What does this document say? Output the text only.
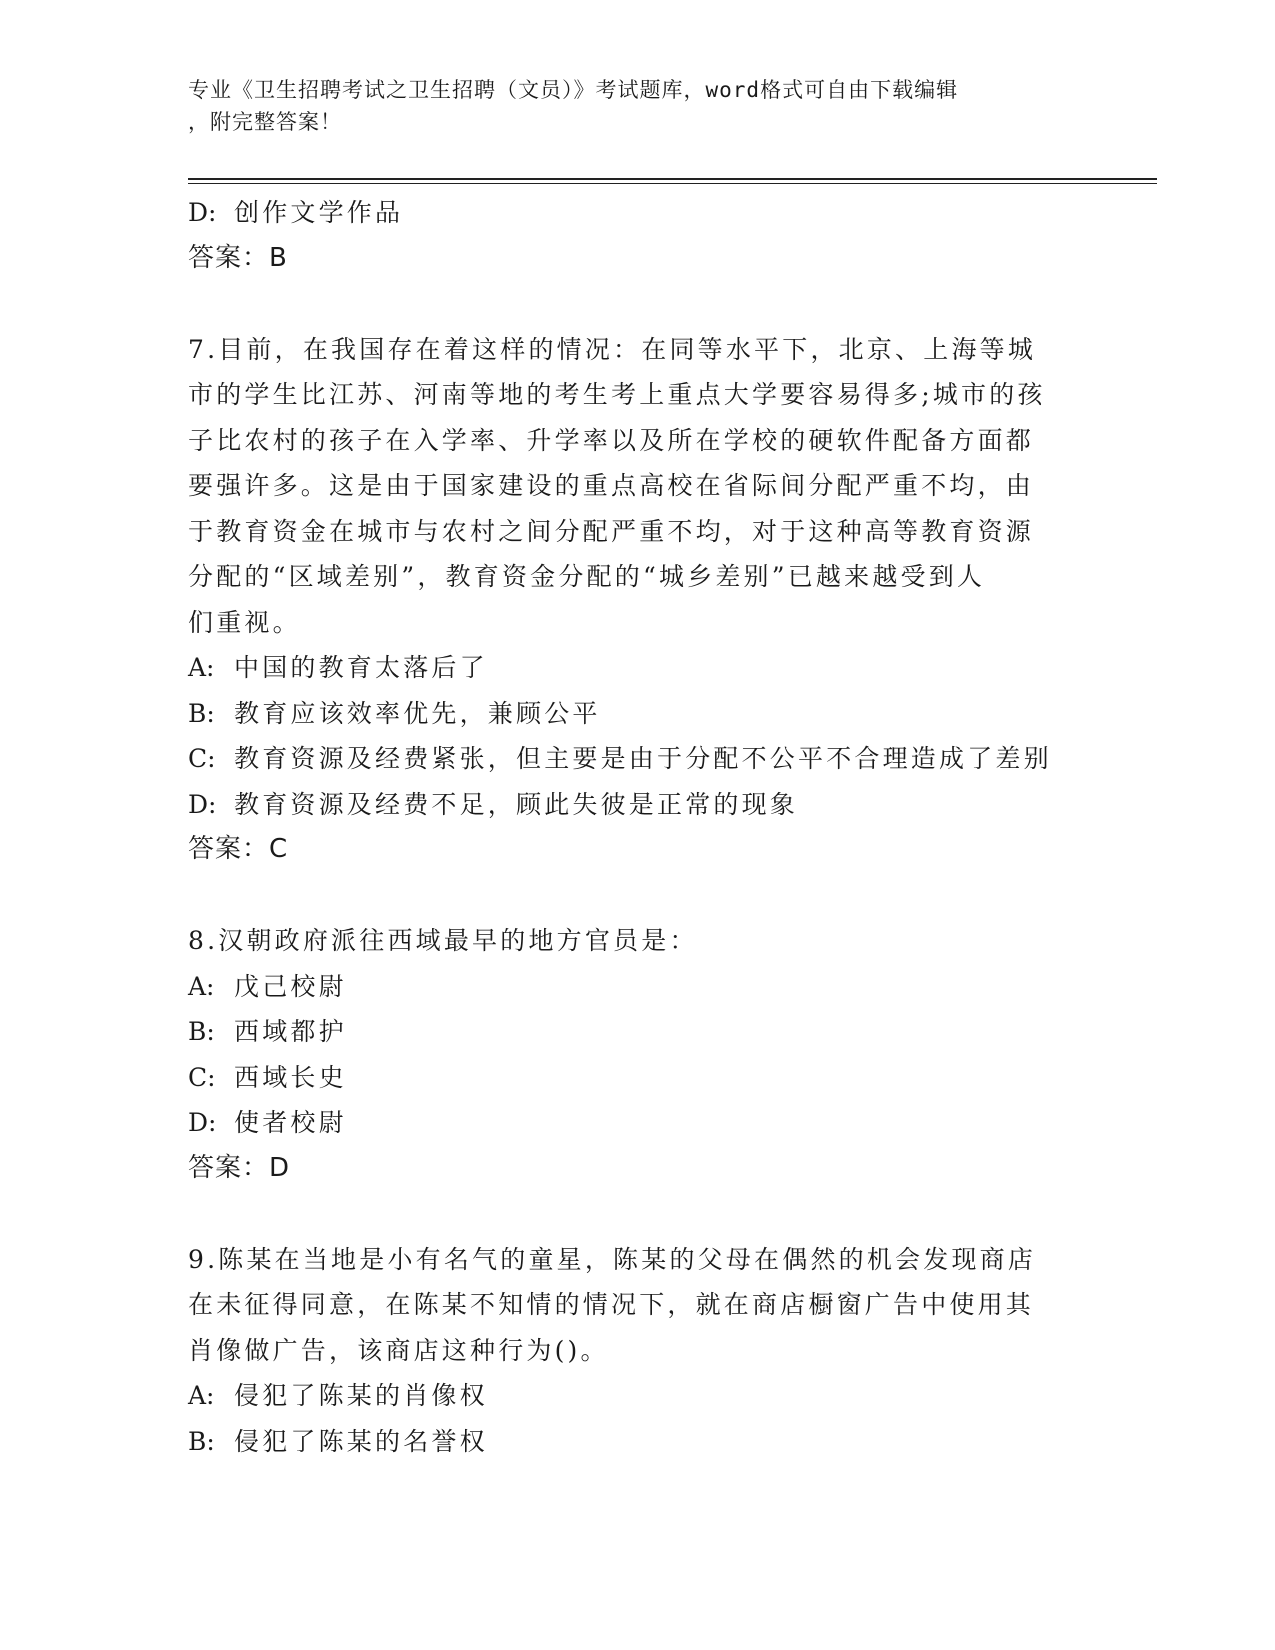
专业《卫生招聘考试之卫生招聘（文员）》考试题库，word格式可自由下载编辑
，附完整答案！
D: 创作文学作品
答案：B
7.目前，在我国存在着这样的情况：在同等水平下，北京、上海等城
市的学生比江苏、河南等地的考生考上重点大学要容易得多;城市的孩
子比农村的孩子在入学率、升学率以及所在学校的硬软件配备方面都
要强许多。这是由于国家建设的重点高校在省际间分配严重不均，由
于教育资金在城市与农村之间分配严重不均，对于这种高等教育资源
分配的“区域差别”，教育资金分配的“城乡差别”已越来越受到人
们重视。
A: 中国的教育太落后了
B: 教育应该效率优先，兼顾公平
C: 教育资源及经费紧张，但主要是由于分配不公平不合理造成了差别
D: 教育资源及经费不足，顾此失彼是正常的现象
答案：C
8.汉朝政府派往西域最早的地方官员是：
A: 戊己校尉
B: 西域都护
C: 西域长史
D: 使者校尉
答案：D
9.陈某在当地是小有名气的童星，陈某的父母在偶然的机会发现商店
在未征得同意，在陈某不知情的情况下，就在商店橱窗广告中使用其
肖像做广告，该商店这种行为()。
A: 侵犯了陈某的肖像权
B: 侵犯了陈某的名誉权
